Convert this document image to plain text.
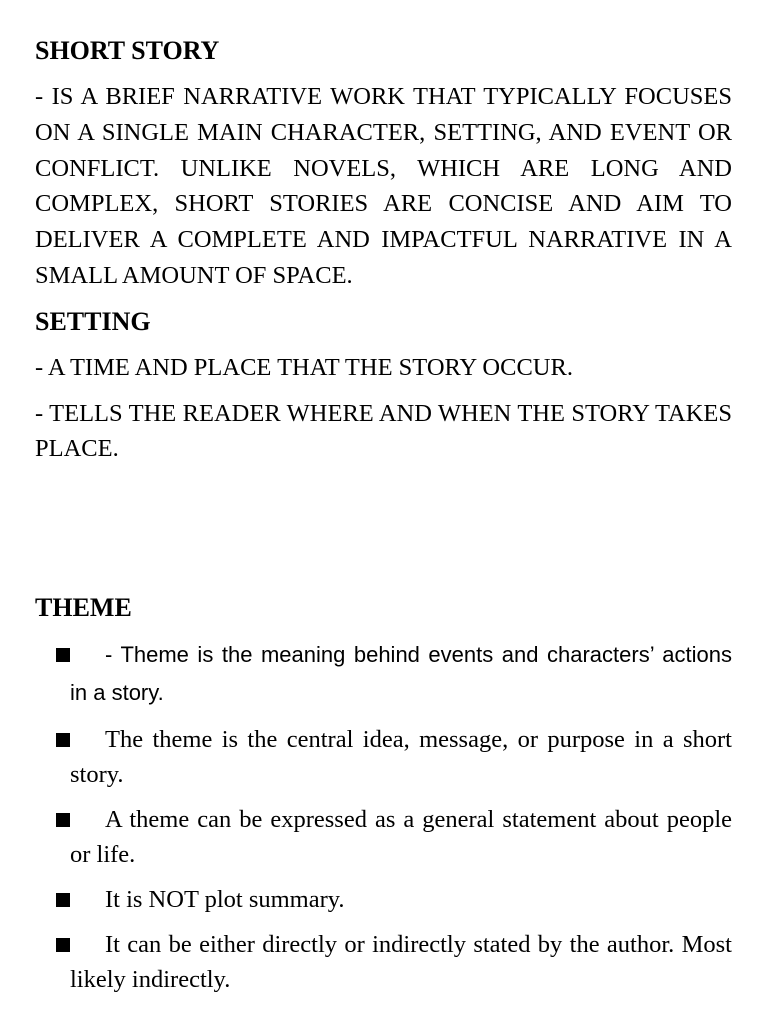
SHORT STORY
- IS A BRIEF NARRATIVE WORK THAT TYPICALLY FOCUSES ON A SINGLE MAIN CHARACTER, SETTING, AND EVENT OR CONFLICT. UNLIKE NOVELS, WHICH ARE LONG AND COMPLEX, SHORT STORIES ARE CONCISE AND AIM TO DELIVER A COMPLETE AND IMPACTFUL NARRATIVE IN A SMALL AMOUNT OF SPACE.
SETTING
- A TIME AND PLACE THAT THE STORY OCCUR.
- TELLS THE READER WHERE AND WHEN THE STORY TAKES PLACE.
THEME
- Theme is the meaning behind events and characters’ actions in a story.
The theme is the central idea, message, or purpose in a short story.
A theme can be expressed as a general statement about people or life.
It is NOT plot summary.
It can be either directly or indirectly stated by the author. Most likely indirectly.
